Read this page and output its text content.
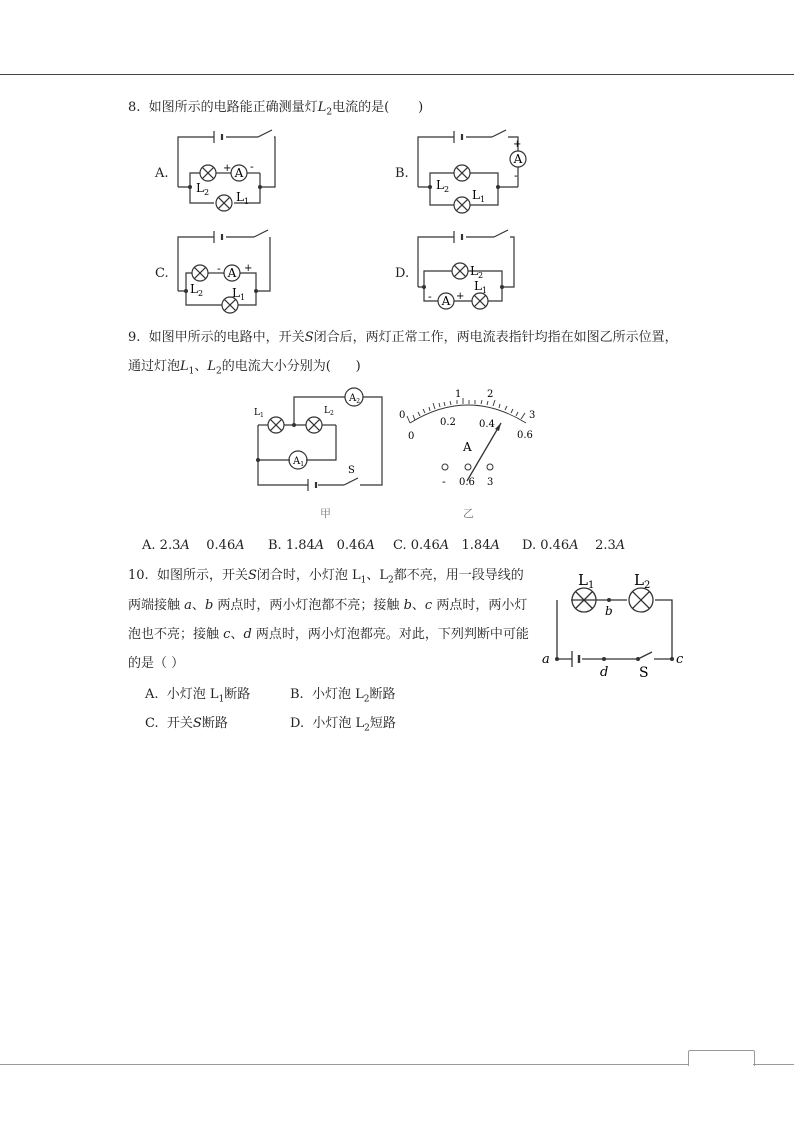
8. 如图所示的电路能正确测量灯$L_2$电流的是( )
A.	A
+ -
$L_2$ $L_1$
B.
A
+
-
$L_2$ $L_1$
C.	A
- +
$L_2$ $L_1$
D.
A
- +
$L_2$
$L_1$
9. 如图甲所示的电路中，开关S闭合后，两灯正常工作，两电流表指针均指在如图乙所示位置，
通过灯泡$L_1$、$L_2$的电流大小分别为( )
$L_1$	$L_2$
$A_2$
$A_1$
S
甲
0
1	2
3
0
0.2 0.4
0.6
A
- 0.6 3
乙
A. 2.3A 0.46A B. 1.84A 0.46A C. 0.46A 1.84A D. 0.46A 2.3A
10. 如图所示，开关S闭合时，小灯泡 $L_1$、$L_2$都不亮，用一段导线的
两端接触 a、b 两点时，两小灯泡都不亮；接触 b、c 两点时，两小灯
泡也不亮；接触 c、d 两点时，两小灯泡都亮。对此，下列判断中可能
的是（ ）
A. 小灯泡 $L_1$断路	B. 小灯泡 $L_2$断路
C. 开关S断路	D. 小灯泡 $L_2$短路
$L_1$	$L_2$
b
a	c
d S
